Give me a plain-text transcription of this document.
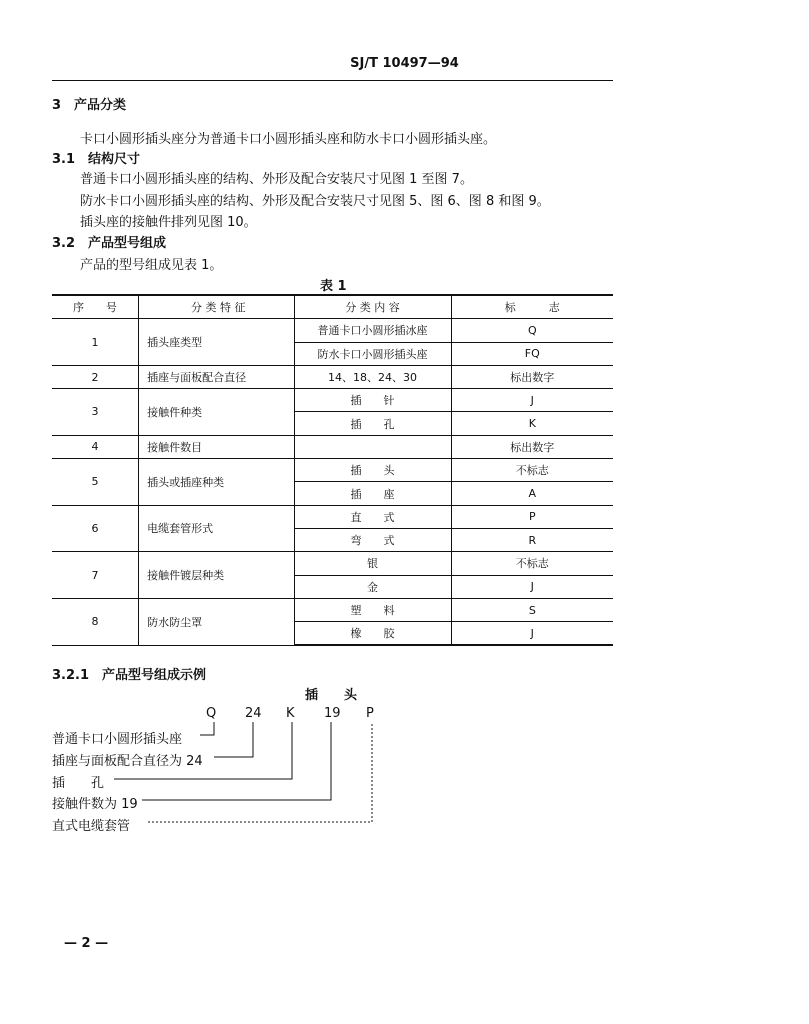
SJ/T 10497—94
3　产品分类
卡口小圆形插头座分为普通卡口小圆形插头座和防水卡口小圆形插头座。
3.1　结构尺寸
普通卡口小圆形插头座的结构、外形及配合安装尺寸见图 1 至图 7。
防水卡口小圆形插头座的结构、外形及配合安装尺寸见图 5、图 6、图 8 和图 9。
插头座的接触件排列见图 10。
3.2　产品型号组成
产品的型号组成见表 1。
表 1
序　　号	分 类 特 征	分 类 内 容	标　　　志
1	插头座类型	普通卡口小圆形插冰座	Q
		防水卡口小圆形插头座	FQ
2	插座与面板配合直径	14、18、24、30	标出数字
3	接触件种类	插　　针	J
		插　　孔	K
4	接触件数目		标出数字
5	插头或插座种类	插　　头	不标志
		插　　座	A
6	电缆套管形式	直　　式	P
		弯　　式	R
7	接触件镀层种类	银	不标志
		金	J
8	防水防尘罩	塑　　料	S
		橡　　胶	J
3.2.1　产品型号组成示例
插　　头
Q 24 K 19 P
普通卡口小圆形插头座
插座与面板配合直径为 24
插　　孔
接触件数为 19
直式电缆套管
— 2 —
